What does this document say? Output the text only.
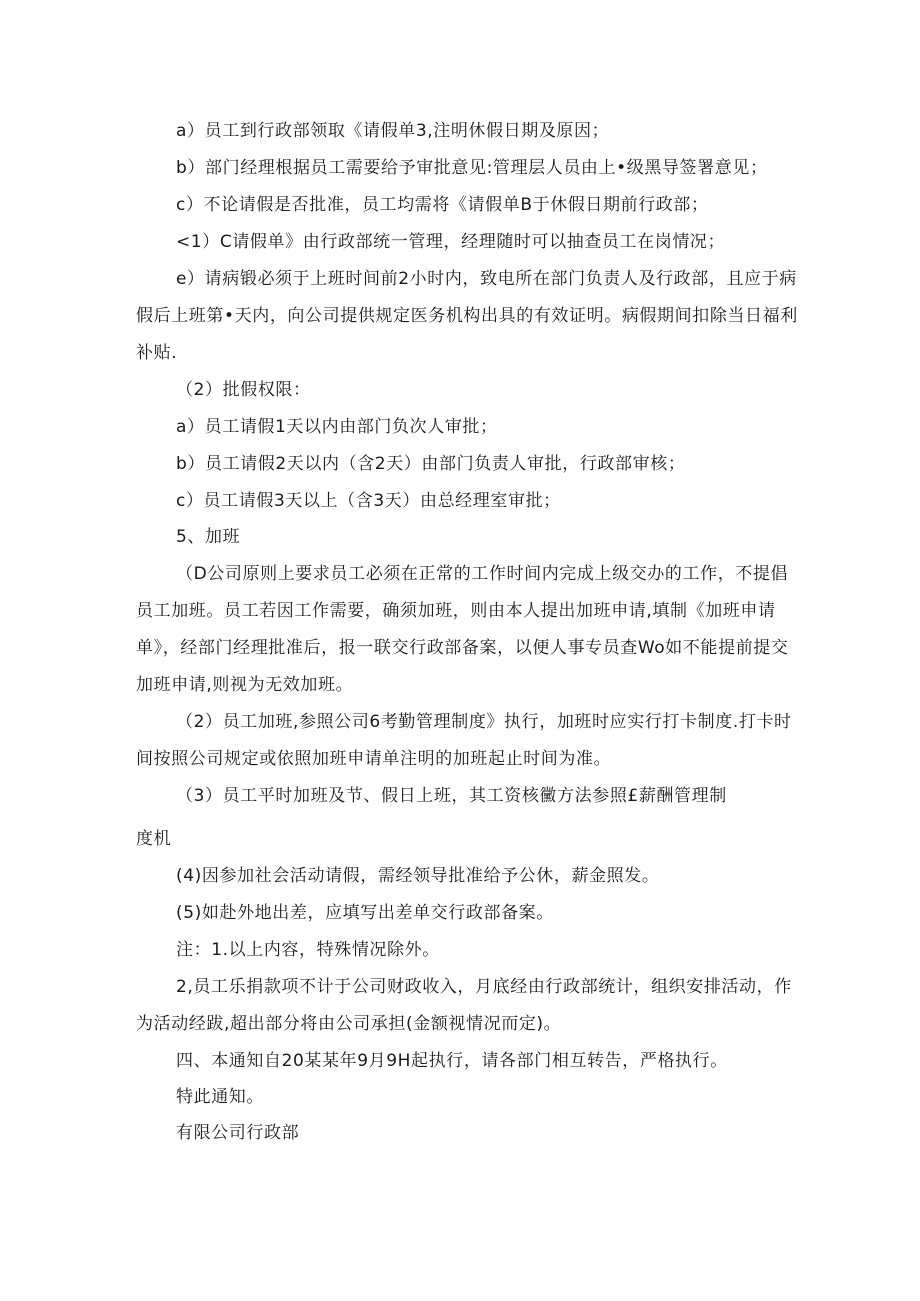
a）员工到行政部领取《请假单3,注明休假日期及原因；
b）部门经理根据员工需要给予审批意见:管理层人员由上•级黑导签署意见；
c）不论请假是否批准，员工均需将《请假单B于休假日期前行政部；
<1）C请假单》由行政部统一管理，经理随时可以抽查员工在岗情况；
e）请病锻必须于上班时间前2小时内，致电所在部门负责人及行政部，且应于病
假后上班第•天内，向公司提供规定医务机构出具的有效证明。病假期间扣除当日福利
补贴.
（2）批假权限：
a）员工请假1天以内由部门负次人审批；
b）员工请假2天以内（含2天）由部门负责人审批，行政部审核；
c）员工请假3天以上（含3天）由总经理室审批；
5、加班
（D公司原则上要求员工必须在正常的工作时间内完成上级交办的工作，不提倡
员工加班。员工若因工作需要，确须加班，则由本人提出加班申请,填制《加班申请
单》，经部门经理批准后，报一联交行政部备案，以便人事专员查Wo如不能提前提交
加班申请,则视为无效加班。
（2）员工加班,参照公司6考勤管理制度》执行，加班时应实行打卡制度.打卡时
间按照公司规定或依照加班申请单注明的加班起止时间为准。
（3）员工平时加班及节、假日上班，其工资核黴方法参照£薪酬管理制
度机
(4)因参加社会活动请假，需经领导批准给予公休，薪金照发。
(5)如赴外地出差，应填写出差单交行政部备案。
注：1.以上内容，特殊情况除外。
2,员工乐捐款项不计于公司财政收入，月底经由行政部统计，组织安排活动，作
为活动经跋,超出部分将由公司承担(金额视情况而定)。
四、本通知自20某某年9月9H起执行，请各部门相互转告，严格执行。
特此通知。
有限公司行政部
